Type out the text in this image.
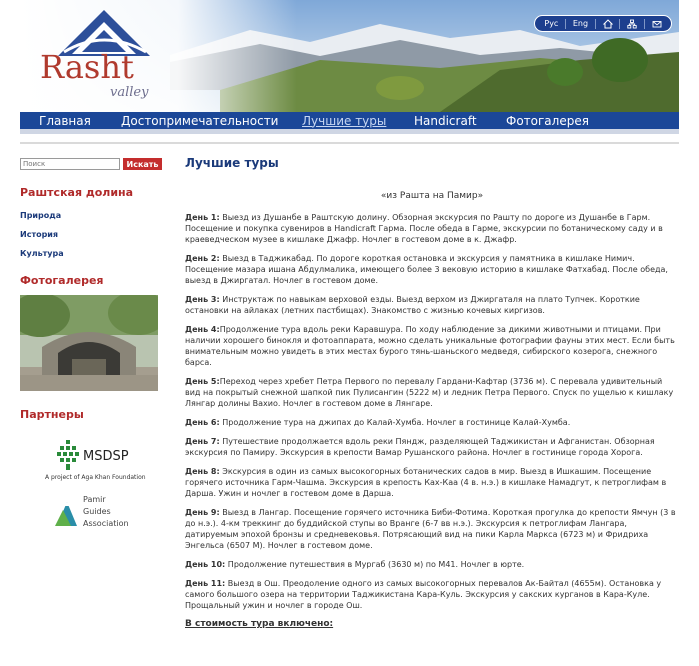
Rasht
valley
Рус Eng
Главная	Достопримечательности Лучшие туры Handicraft Фотогалерея
Поиск
Искать
Раштская долина
Природа
История
Культура
Фотогалерея
Партнеры
MSDSP
A project of Aga Khan Foundation
Pamir
Guides
Association
Лучшие туры
«из Рашта на Памир»
День 1: Выезд из Душанбе в Раштскую долину. Обзорная экскурсия по Рашту по дороге из Душанбе в Гарм. Посещение и покупка сувениров в Handicraft Гарма. После обеда в Гарме, экскурсии по ботаническому саду и в краеведческом музее в кишлаке Джафр. Ночлег в гостевом доме в к. Джафр.
День 2: Выезд в Таджикабад. По дороге короткая остановка и экскурсия у памятника в кишлаке Нимич. Посещение мазара ишана Абдулмалика, имеющего более 3 вековую историю в кишлаке Фатхабад. После обеда, выезд в Джиргатал. Ночлег в гостевом доме.
День 3: Инструктаж по навыкам верховой езды. Выезд верхом из Джиргаталя на плато Тупчек. Короткие остановки на айлаках (летних пастбищах). Знакомство с жизнью кочевых киргизов.
День 4:Продолжение тура вдоль реки Каравшура. По ходу наблюдение за дикими животными и птицами. При наличии хорошего бинокля и фотоаппарата, можно сделать уникальные фотографии фауны этих мест. Если быть внимательным можно увидеть в этих местах бурого тянь-шаньского медведя, сибирского козерога, снежного барса.
День 5:Переход через хребет Петра Первого по перевалу Гардани-Кафтар (3736 м). С перевала удивительный вид на покрытый снежной шапкой пик Пулисангин (5222 м) и ледник Петра Первого. Спуск по ущелью к кишлаку Лянгар долины Вахио. Ночлег в гостевом доме в Лянгаре.
День 6: Продолжение тура на джипах до Калай-Хумба. Ночлег в гостинице Калай-Хумба.
День 7: Путешествие продолжается вдоль реки Пяндж, разделяющей Таджикистан и Афганистан. Обзорная экскурсия по Памиру. Экскурсия в крепости Вамар Рушанского района. Ночлег в гостинице города Хорога.
День 8: Экскурсия в один из самых высокогорных ботанических садов в мир. Выезд в Ишкашим. Посещение горячего источника Гарм-Чашма. Экскурсия в крепость Ках-Каа (4 в. н.э.) в кишлаке Намадгут, к петроглифам в Дарша. Ужин и ночлег в гостевом доме в Дарша.
День 9: Выезд в Лангар. Посещение горячего источника Биби-Фотима. Короткая прогулка до крепости Ямчун (3 в до н.э.). 4-км треккинг до буддийской ступы во Вранге (6-7 вв н.э.). Экскурсия к петроглифам Лангара, датируемым эпохой бронзы и средневековья. Потрясающий вид на пики Карла Маркса (6723 м) и Фридриха Энгельса (6507 М). Ночлег в гостевом доме.
День 10: Продолжение путешествия в Мургаб (3630 м) по М41. Ночлег в юрте.
День 11: Выезд в Ош. Преодоление одного из самых высокогорных перевалов Ак-Байтал (4655м). Остановка у самого большого озера на территории Таджикистана Кара-Куль. Экскурсия у сакских курганов в Кара-Куле. Прощальный ужин и ночлег в городе Ош.
В стоимость тура включено:
